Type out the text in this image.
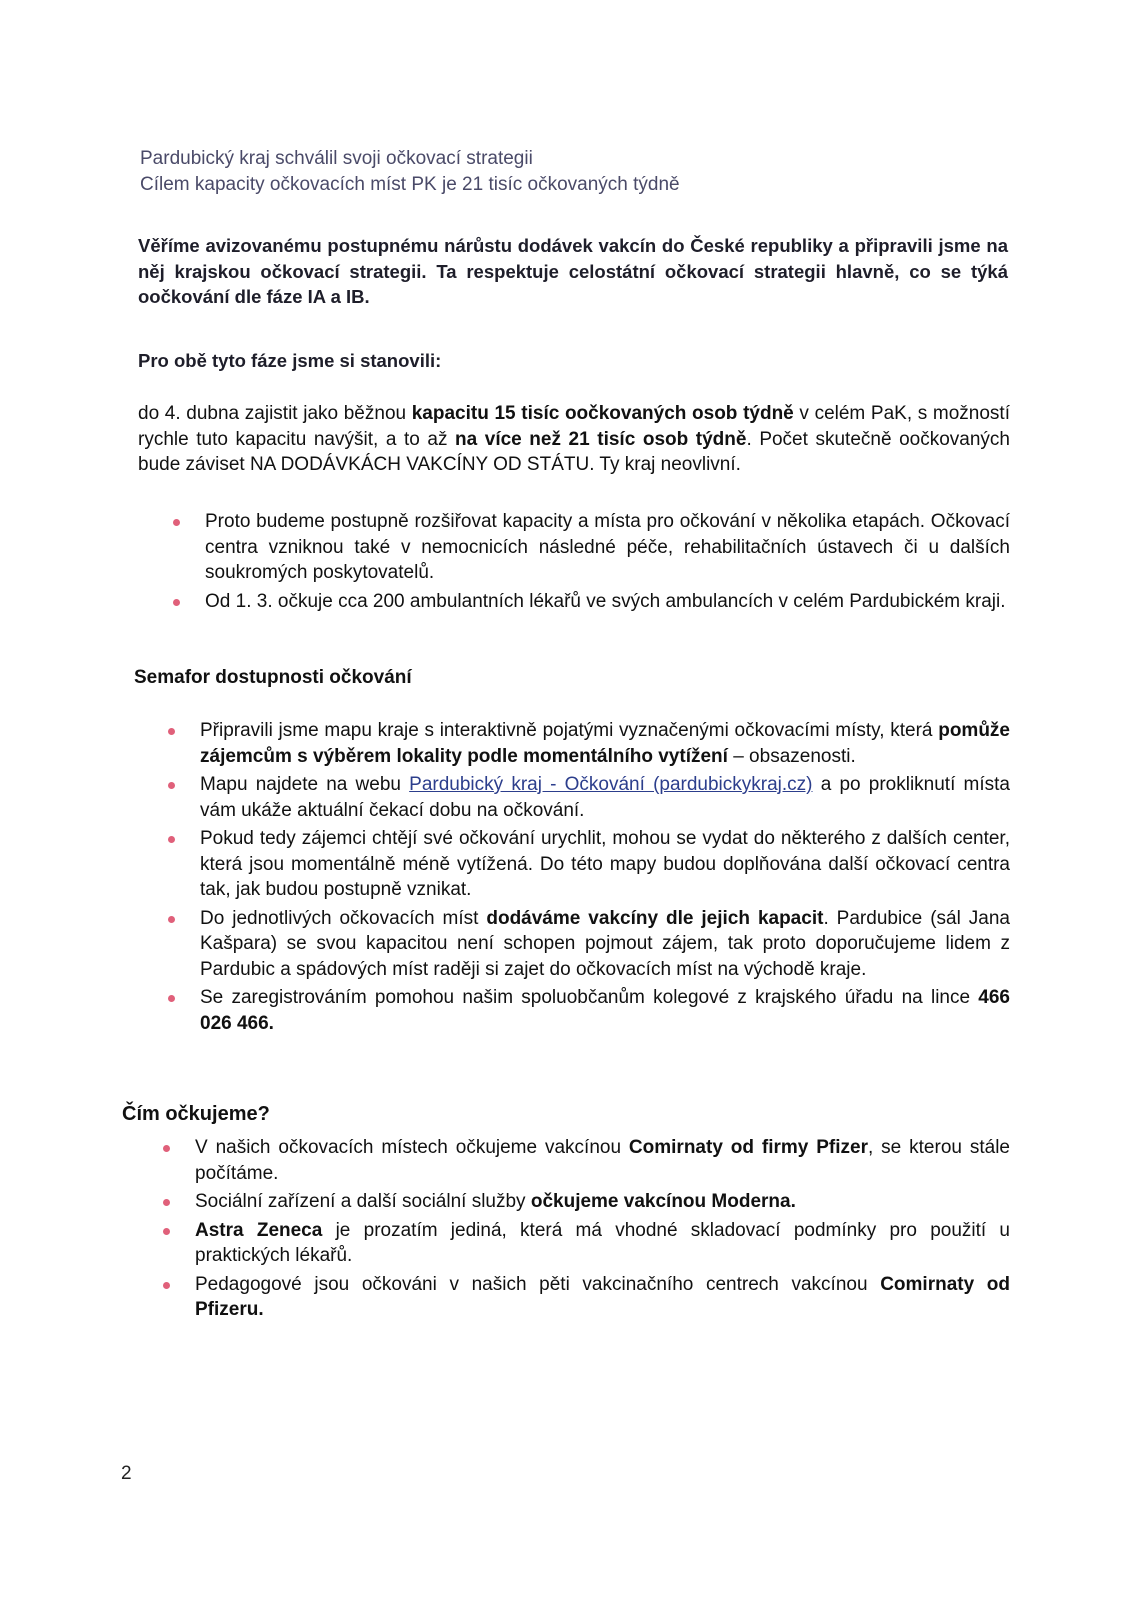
Pardubický kraj schválil svoji očkovací strategii
Cílem kapacity očkovacích míst PK je 21 tisíc očkovaných týdně
Věříme avizovanému postupnému nárůstu dodávek vakcín do České republiky a připravili jsme na něj krajskou očkovací strategii. Ta respektuje celostátní očkovací strategii hlavně, co se týká oočkování dle fáze IA a IB.
Pro obě tyto fáze jsme si stanovili:
do 4. dubna zajistit jako běžnou kapacitu 15 tisíc oočkovaných osob týdně v celém PaK, s možností rychle tuto kapacitu navýšit, a to až na více než 21 tisíc osob týdně. Počet skutečně oočkovaných bude záviset NA DODÁVKÁCH VAKCÍNY OD STÁTU. Ty kraj neovlivní.
Proto budeme postupně rozšiřovat kapacity a místa pro očkování v několika etapách. Očkovací centra vzniknou také v nemocnicích následné péče, rehabilitačních ústavech či u dalších soukromých poskytovatelů.
Od 1. 3. očkuje cca 200 ambulantních lékařů ve svých ambulancích v celém Pardubickém kraji.
Semafor dostupnosti očkování
Připravili jsme mapu kraje s interaktivně pojatými vyznačenými očkovacími místy, která pomůže zájemcům s výběrem lokality podle momentálního vytížení – obsazenosti.
Mapu najdete na webu Pardubický kraj - Očkování (pardubickykraj.cz) a po prokliknutí místa vám ukáže aktuální čekací dobu na očkování.
Pokud tedy zájemci chtějí své očkování urychlit, mohou se vydat do některého z dalších center, která jsou momentálně méně vytížená. Do této mapy budou doplňována další očkovací centra tak, jak budou postupně vznikat.
Do jednotlivých očkovacích míst dodáváme vakcíny dle jejich kapacit. Pardubice (sál Jana Kašpara) se svou kapacitou není schopen pojmout zájem, tak proto doporučujeme lidem z Pardubic a spádových míst raději si zajet do očkovacích míst na východě kraje.
Se zaregistrováním pomohou našim spoluobčanům kolegové z krajského úřadu na lince 466 026 466.
Čím očkujeme?
V našich očkovacích místech očkujeme vakcínou Comirnaty od firmy Pfizer, se kterou stále počítáme.
Sociální zařízení a další sociální služby očkujeme vakcínou Moderna.
Astra Zeneca je prozatím jediná, která má vhodné skladovací podmínky pro použití u praktických lékařů.
Pedagogové jsou očkováni v našich pěti vakcinačního centrech vakcínou Comirnaty od Pfizeru.
2
